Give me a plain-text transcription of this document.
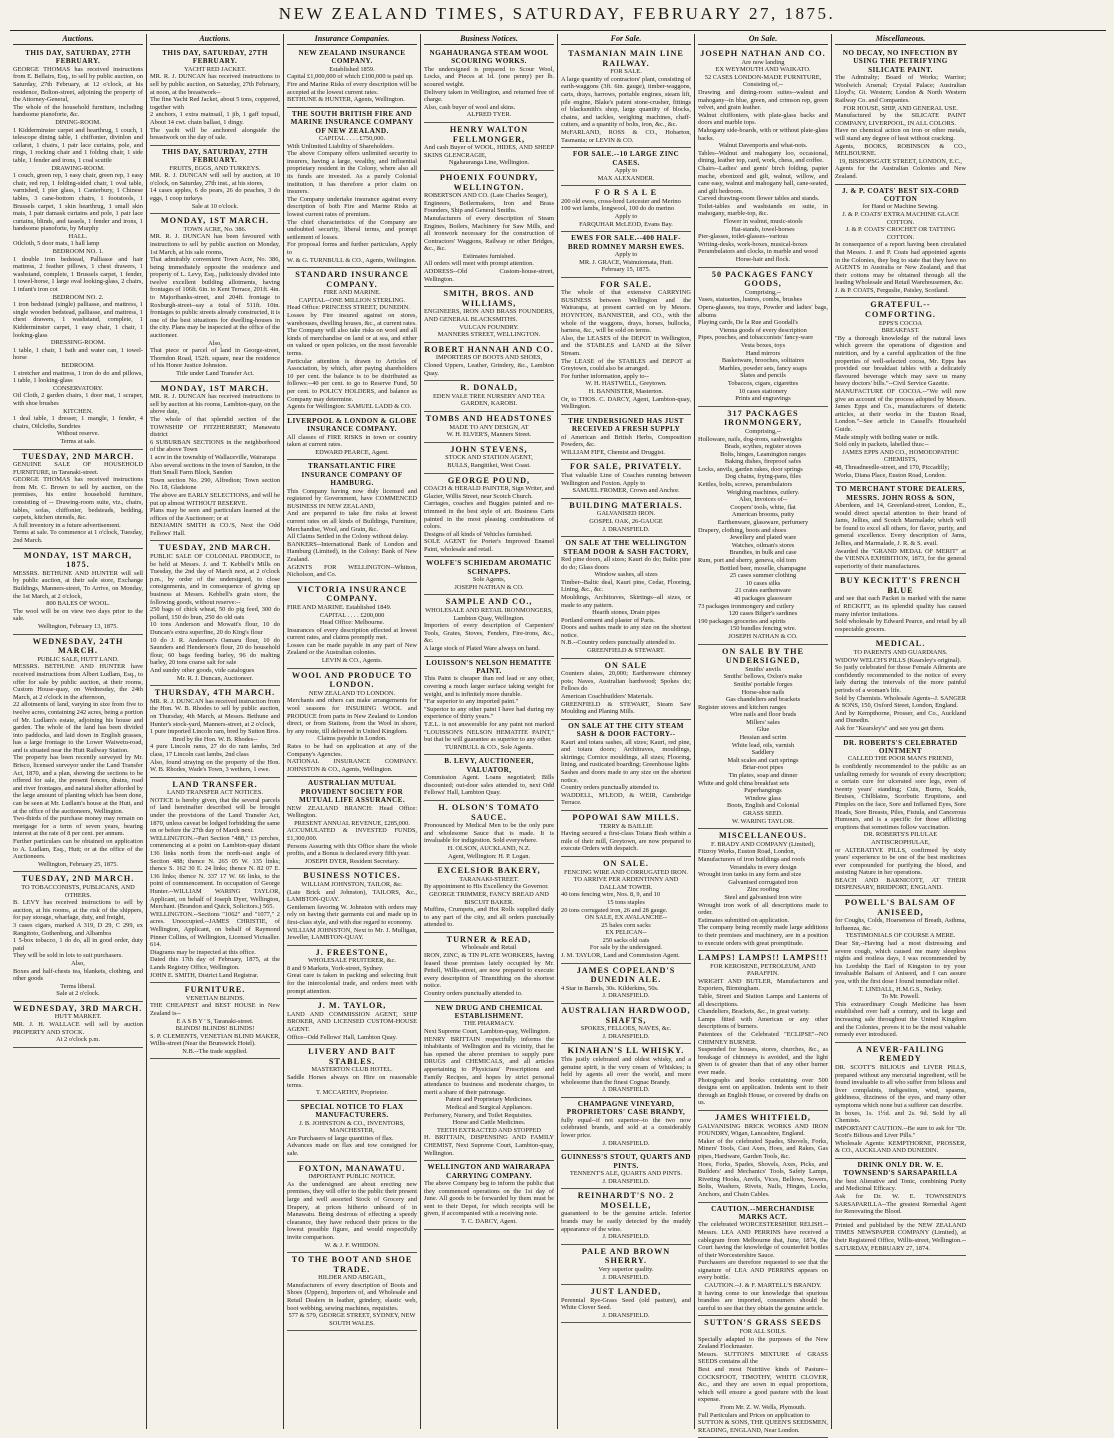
NEW ZEALAND TIMES, SATURDAY, FEBRUARY 27, 1875.
Auctions.
THIS DAY, SATURDAY, 27TH FEBRUARY.
GEORGE THOMAS has received instructions from E. Bellairs, Esq., to sell by public auction, on Saturday, 27th February, at 12 o'clock, at his residence, Bolton-street, adjoining the property of the Attorney-General,
The whole of the household furniture, including handsome pianoforte, &c.
DINING-ROOM.
1 Kidderminster carpet and hearthrug, 1 couch, 1 telescope dining table, 1 chiffonier, divinlon and cellaret, 1 chairs, 1 pair lace curtains, pole, and rings, 1 rocking chair and 1 folding chair, 1 side table, 1 fender and irons, 1 coal scuttle
DRAWING-ROOM.
1 couch, green rep, 1 easy chair, green rep, 1 easy chair, red rep, 1 folding-sided chair, 1 oval table, varnished, 1 pier glass, 1 Canterbury, 1 Chinese tables, 3 cane-bottom chairs, 1 footstools, 1 Brussels carpet, 1 skin hearthrug, 1 small skin mats, 1 pair damask curtains and pole, 1 pair lace curtains, blinds, and tassels, 1 fender and irons, 1 handsome pianoforte, by Murphy
HALL.
Oilcloth, 5 door mats, 1 hall lamp
BEDROOM NO. 1.
1 double iron bedstead, Palliasse and hair mattress, 2 feather pillows, 1 chest drawers, 1 washstand, complete, 1 Brussels carpet, 1 fender, 1 towel-horse, 1 large oval looking-glass, 2 chairs, 1 infant's iron cot
BEDROOM NO. 2.
1 iron bedstead (single) palliasse, and mattress, 1 single wooden bedstead, palliasse, and mattress, 1 chest drawers, 1 washstand, complete, 1 Kidderminster carpet, 1 easy chair, 1 chair, 1 looking-glass
DRESSING-ROOM.
1 table, 1 chair, 1 bath and water can, 1 towel-horse
BEDROOM.
1 stretcher and mattress, 1 iron do do and pillows, 1 table, 1 looking-glass
CONSERVATORY.
Oil Cloth, 2 garden chairs, 1 door mat, 1 scraper, with shoe brushes
KITCHEN.
1 deal table, 1 dresser, 1 mangle, 1 fender, 4 chairs, Oilcloths, Sundries
Without reserve.
Terms at sale.
TUESDAY, 2ND MARCH.
GENUINE SALE OF HOUSEHOLD FURNITURE, in Taranaki-street.
GEORGE THOMAS has received instructions from Mr. C. Brown to sell by auction, on the premises, his entire household furniture, consisting of -- Drawing-room suite, viz., chairs, tables, sofas, chiffonier, bedsteads, bedding, carpets, kitchen utensils, &c.
A full inventory in a future advertisement.
Terms at sale. To commence at 1 o'clock, Tuesday, 2nd March.
MONDAY, 1ST MARCH, 1875.
MESSRS. BETHUNE AND HUNTER will sell by public auction, at their sale store, Exchange Buildings, Manners-street, To Arrive, on Monday, the 1st March, at 2 o'clock,
800 BALES OF WOOL.
The wool will be on view two days prior to the sale.
Wellington, February 13, 1875.
WEDNESDAY, 24TH MARCH.
PUBLIC SALE, HUTT LAND.
MESSRS. BETHUNE AND HUNTER have received instructions from Albert Ludlam, Esq., to offer for sale by public auction, at their rooms, Custom House-quay, on Wednesday, the 24th March, at 2 o'clock in the afternoon,
22 allotments of land, varying in size from five to twelve acres, containing 242 acres, being a portion of Mr. Ludlam's estate, adjoining his house and garden. The whole of the land has been divided into paddocks, and laid down in English grasses, has a large frontage to the Lower Waiwetu-road, and is situated near the Hutt Railway Station.
The property has been recently surveyed by Mr. Brisco, licensed surveyor under the Land Transfer Act, 1870, and a plan, showing the sections to be offered for sale, the present fences, drains, road and river frontages, and natural shelter afforded by the large amount of planting which has been done, can be seen at Mr. Ludlam's house at the Hutt, and at the office of the auctioneers, Wellington.
Two-thirds of the purchase money may remain on mortgage for a term of seven years, bearing interest at the rate of 8 per cent. per annum.
Further particulars can be obtained on application to A. Ludlam, Esq., Hutt; or at the office of the Auctioneers.
Wellington, February 25, 1875.
TUESDAY, 2ND MARCH.
TO TOBACCONISTS, PUBLICANS, AND OTHERS.
B. LEVY has received instructions to sell by auction, at his rooms, at the risk of the shippers, for pay storage, wharfage, duty, and freight,
3 cases cigars, marked A 319, D 29, C 299, ex Rangitoto, Gothenburg, and Albambra
1 5-box tobacco, 1 do do, all in good order, duty paid
They will be sold in lots to suit purchasers.
Also,
Boxes and half-chests tea, blankets, clothing, and other goods
Terms liberal.
Sale at 2 o'clock.
WEDNESDAY, 3RD MARCH.
HUTT MARKET.
MR. J. H. WALLACE will sell by auction PROPERTY AND STOCK.
At 2 o'clock p.m.
Auctions.
THIS DAY, SATURDAY, 27TH FEBRUARY.
YACHT RED JACKET.
MR. R. J. DUNCAN has received instructions to sell by public auction, on Saturday, 27th February, at noon, at the breastwork--
The fine Yacht Red Jacket, about 5 tons, coppered, together with
2 anchors, 1 extra mainsail, 1 jib, 1 gaff topsail, About 14 cwt. chain ballast, 1 dingy.
The yacht will be anchored alongside the breastwork on the day of sale.
THIS DAY, SATURDAY, 27TH FEBRUARY.
FRUITS, EGGS, AND TURKEYS.
MR. R. J. DUNCAN will sell by auction, at 10 o'clock, on Saturday, 27th inst., at his stores,
14 cases apples, 6 do pears, 26 do peaches, 3 do eggs, 1 coop turkeys
Sale at 10 o'clock.
MONDAY, 1ST MARCH.
TOWN ACRE, No. 386.
MR. R. J. DUNCAN has been favoured with instructions to sell by public auction on Monday, 1st March, at his sale rooms,
That admirably convenient Town Acre, No. 386, being immediately opposite the residence and property of L. Levy, Esq., judiciously divided into twelve excellent building allotments, having frontages of 106ft. 6in. to Kent Terrace, 201ft. 4in. to Majoribanks-street, and 204ft. frontage to Roxburgh-street--say a total of 511ft. 10in. frontages to public streets already constructed, it is one of the best situations for dwelling-houses in the city. Plans may be inspected at the office of the auctioneer.
Also,
That piece or parcel of land in George-street, Thorndon Road, 152ft. square, near the residence of his Honor Justice Johnston.
Title under Land Transfer Act.
MONDAY, 1ST MARCH.
MR. R. J. DUNCAN has received instructions to sell by auction at his rooms, Lambton-quay, on the above date,
The whole of that splendid section of the TOWNSHIP OF FITZHERBERT, Manawatu district
6 SUBURBAN SECTIONS in the neighborhood of the above Town
1 acre in the township of Wallaceville, Wairarapa
Also several sections in the town of Sandon, in the Hutt Small Farm Block, Sandon
Town section No. 290, Alfredton; Town section No. 18, Gladstone
The above are EARLY SELECTIONS, and will be put up almost WITHOUT RESERVE.
Plans may be seen and particulars learned at the offices of the Auctioneer; or at
BENJAMIN SMITH & CO.'S, Next the Odd Fellows' Hall.
TUESDAY, 2ND MARCH.
PUBLIC SALE OF COLONIAL PRODUCE, to be held at Messrs. J. and T. Kebbell's Mills on Tuesday, the 2nd day of March next, at 2 o'clock p.m., by order of the undersigned, to close consignments, and in consequence of giving up business at Messrs. Kebbell's grain store, the following goods, without reserve:--
250 bags of chick wheat, 50 do pig feed, 300 do pollard, 150 do bran, 250 do old oats
10 tons Anderson and Mowatt's flour, 10 do Duncan's extra superfine, 20 do King's flour
10 do J. R. Anderson's Oamaru flour, 10 do Saunders and Henderson's flour, 20 do household flour, 60 bags feeding barley, 96 do malting barley, 20 tons coarse salt for sale
And sundry other goods, vide catalogues
Mr. R. J. Duncan, Auctioneer.
THURSDAY, 4TH MARCH.
MR. R. J. DUNCAN has received instruction from the Hon. W. B. Rhodes to sell by public auction, on Thursday, 4th March, at Messrs. Bethune and Hunter's stock-yard, Manners-street, at 2 o'clock,
1 pure imported Lincoln ram, bred by Sutton Bros.
Bred by the Hon. W. B. Rhodes--
4 pure Lincoln rams, 27 do do ram lambs, 3rd class, 17 Lincoln cast lambs, 2nd class
Also, found straying on the property of the Hon. W. B. Rhodes, Wade's Town, 3 wethers, 1 ewe.
LAND TRANSFER.
LAND TRANSFER ACT NOTICES.
NOTICE is hereby given, that the several parcels of land hereinafter described will be brought under the provisions of the Land Transfer Act, 1870, unless caveat be lodged forbidding the same on or before the 27th day of March next.
WELLINGTON.--Part Section "488," 13 perches, commencing at a point on Lambton-quay distant 136 links north from the north-east angle of Section 488; thence N. 265 05 W. 135 links; thence S. 162 30 E. 24 links; thence N. 82 07 E. 136 links; thence N. 337 17 W. 66 links, to the point of commencement. In occupation of George Hunter.--WILLIAM WARING TAYLOR, Applicant, on behalf of Joseph Dyer, Wellington, Merchant. (Brandon and Quick, Solicitors.) 565.
WELLINGTON.--Sections "1062" and "1077," 2 acres. Unoccupied.--JAMES CHRISTIE, of Wellington, Applicant, on behalf of Raymond Pinner Collins, of Wellington, Licensed Victualler. 614.
Diagrams may be inspected at this office.
Dated this 17th day of February, 1875, at the Lands Registry Office, Wellington.
JOHN E. SMITH, District Land Registrar.
FURNITURE.
VENETIAN BLINDS.
THE CHEAPEST and BEST HOUSE in New Zealand is--
E A S B Y ' S, Taranaki-street.
BLINDS! BLINDS! BLINDS!
S. P. CLEMENTS, VENETIAN BLIND MAKER, Willis-street (Near the Brunswick Hotel).
N.B.--The trade supplied.
Insurance Companies.
NEW ZEALAND INSURANCE COMPANY.
Established 1859.
Capital £1,000,000 of which £100,000 is paid up.
Fire and Marine Risks of every description will be accepted at the lowest current rates.
BETHUNE & HUNTER, Agents, Wellington.
THE SOUTH BRITISH FIRE AND MARINE INSURANCE COMPANY OF NEW ZEALAND.
CAPITAL . . . . £750,000.
With Unlimited Liability of Shareholders.
The above Company offers unlimited security to insurers, having a large, wealthy, and influential proprietary resident in the Colony, where also all its funds are invested. As a purely Colonial institution, it has therefore a prior claim on insurers.
The Company undertake insurance against every description of both Fire and Marine Risks at lowest current rates of premium.
The chief characteristics of the Company are undoubted security, liberal terms, and prompt settlement of losses.
For proposal forms and further particulars, Apply to
W. & G. TURNBULL & CO., Agents, Wellington.
STANDARD INSURANCE COMPANY.
FIRE AND MARINE.
CAPITAL--ONE MILLION STERLING.
Head Office: PRINCESS STREET, DUNEDIN.
Losses by Fire insured against on stores, warehouses, dwelling houses, &c., at current rates.
The Company will also take risks on wool and all kinds of merchandise on land or at sea, and either on valued or open policies, on the most favorable terms.
Particular attention is drawn to Articles of Association, by which, after paying shareholders 10 per cent. the balance is to be distributed as follows:--40 per cent. to go to Reserve Fund, 50 per cent. to POLICY HOLDERS, and balance as Company may determine.
Agents for Wellington: SAMUEL LADD & CO.
LIVERPOOL & LONDON & GLOBE INSURANCE COMPANY.
All classes of FIRE RISKS in town or country taken at current rates.
EDWARD PEARCE, Agent.
TRANSATLANTIC FIRE INSURANCE COMPANY OF HAMBURG.
This Company having now duly licensed and registered by Government, have COMMENCED BUSINESS IN NEW ZEALAND,
And are prepared to take fire risks at lowest current rates on all kinds of Buildings, Furniture, Merchandise, Wool, and Grain, &c.
All Claims Settled in the Colony without delay.
BANKERS--International Bank of London and Hamburg (Limited), in the Colony: Bank of New Zealand.
AGENTS FOR WELLINGTON--Whitton, Nicholson, and Co.
VICTORIA INSURANCE COMPANY.
FIRE AND MARINE. Established 1849.
CAPITAL . . . . £200,000
Head Office: Melbourne.
Insurances of every description effected at lowest current rates, and claims promptly met.
Losses can be made payable in any part of New Zealand or the Australian colonies.
LEVIN & CO., Agents.
WOOL AND PRODUCE TO LONDON.
NEW ZEALAND TO LONDON.
Merchants and others can make arrangements for wool seasons for INSURING WOOL and PRODUCE from parts in New Zealand to London direct, or from Stations, from the Wool in shore, by any route, till delivered in United Kingdom.
Claims payable in London.
Rates to be had on application at any of the Company's Agencies.
NATIONAL INSURANCE COMPANY. JOHNSTON & CO., Agents, Wellington.
AUSTRALIAN MUTUAL PROVIDENT SOCIETY FOR MUTUAL LIFE ASSURANCE.
NEW ZEALAND BRANCH: Head Office: Wellington.
PRESENT ANNUAL REVENUE, £285,000.
ACCUMULATED & INVESTED FUNDS, £1,300,000.
Persons Assuring with this Office share the whole profits, and a Bonus is declared every fifth year.
JOSEPH DYER, Resident Secretary.
BUSINESS NOTICES.
WILLIAM JOHNSTON, TAILOR, &c.
(Late Brick and Johnston), TAILORS, &c., LAMBTON-QUAY.
Gentlemen favoring W. Johnston with orders may rely on having their garments cut and made up in first-class style, and with due regard to economy.
WILLIAM JOHNSTON, Next to Mr. J. Mulligan, Jeweller, LAMBTON-QUAY.
J. FREESTONE,
WHOLESALE FRUITERER, &c.
8 and 9 Markets, York-street, Sydney.
Great care is taken in packing and selecting fruit for the intercolonial trade, and orders meet with prompt attention.
J. M. TAYLOR,
LAND AND COMMISSION AGENT, SHIP BROKER, AND LICENSED CUSTOM-HOUSE AGENT.
Office--Odd Fellows' Hall, Lambton Quay.
LIVERY AND BAIT STABLES.
MASTERTON CLUB HOTEL.
Saddle Horses always on Hire on reasonable terms.
T. MCCARTHY, Proprietor.
SPECIAL NOTICE TO FLAX MANUFACTURERS.
J. B. JOHNSTON & CO., INVENTORS, MANCHESTER,
Are Purchasers of large quantities of flax.
Advances made on flax and tow consigned for sale.
FOXTON, MANAWATU.
IMPORTANT PUBLIC NOTICE.
As the undersigned are about erecting new premises, they will offer to the public their present large and well assorted Stock of Grocery and Drapery, at prices hitherto unheard of in Manawatu. Being desirous of effecting a speedy clearance, they have reduced their prices to the lowest possible figure, and would respectfully invite comparison.
W. & J. F. WHIDON.
TO THE BOOT AND SHOE TRADE.
HILDER AND ABIGAIL,
Manufacturers of every description of Boots and Shoes (Uppers), Importers of, and Wholesale and Retail Dealers in leather, grindery, elastic web, boot webbing, sewing machines, requisites.
577 & 579, GEORGE STREET, SYDNEY, NEW SOUTH WALES.
Business Notices.
NGAHAURANGA STEAM WOOL SCOURING WORKS.
The undersigned is prepared to Scour Wool, Locks, and Pieces at 1d. (one penny) per lb. scoured weight.
Delivery taken in Wellington, and returned free of charge.
Also, cash buyer of wool and skins.
ALFRED TYER.
HENRY WALTON FELLMONGER,
And cash Buyer of WOOL, HIDES, AND SHEEP SKINS GLENCRAGIE,
Ngahauranga Line, Wellington.
PHOENIX FOUNDRY, WELLINGTON.
ROBERTSON AND CO. (Late Charles Seager),
Engineers, Boilermakers, Iron and Brass Founders, Ship and General Smiths.
Manufacturers of every description of Steam Engines, Boilers, Machinery for Saw Mills, and all ironwork necessary for the construction of Contractors' Waggons, Railway or other Bridges, &c., &c.
Estimates furnished.
All orders will meet with prompt attention.
ADDRESS--Old Custom-house-street, Wellington.
SMITH, BROS. AND WILLIAMS,
ENGINEERS, IRON AND BRASS FOUNDERS, AND GENERAL BLACKSMITHS.
VULCAN FOUNDRY.
MANNERS STREET, WELLINGTON.
ROBERT HANNAH AND CO.
IMPORTERS OF BOOTS AND SHOES,
Cloned Uppers, Leather, Grindery, &c., Lambton Quay.
R. DONALD,
EDEN VALE TREE NURSERY AND TEA GARDEN, KAROBI.
TOMBS AND HEADSTONES
MADE TO ANY DESIGN, AT
W. H. ELVER'S, Manners Street.
JOHN STEVENS,
STOCK AND STATION AGENT,
BULLS, Rangitikei, West Coast.
GEORGE POUND,
COACH & HERALD PAINTER, Sign Writer, and Glazier, Willis Street, near Scotch Church.
Carriages, coaches and Buggies painted and re-trimmed in the best style of art. Business Carts painted in the most pleasing combinations of colors.
Designs of all kinds of Vehicles furnished.
SOLE AGENT for Porter's Improved Enamel Paint, wholesale and retail.
WOLFE'S SCHIEDAM AROMATIC SCHNAPPS.
Sole Agents,
JOSEPH NATHAN & CO.
SAMPLE AND CO.,
WHOLESALE AND RETAIL IRONMONGERS,
Lambton Quay, Wellington.
Importers of every description of Carpenters' Tools, Grates, Stoves, Fenders, Fire-irons, &c., &c.
A large stock of Plated Ware always on hand.
LOUISSON'S NELSON HEMATITE PAINT.
This Paint is cheaper than red lead or any other, covering a much larger surface taking weight for weight, and is infinitely more durable.
"Far superior to any imported paint."
"Superior to any other paint I have had during my experience of thirty years."
T.E.L. is not answerable for any paint not marked "LOUISSON'S NELSON HEMATITE PAINT," but that he will guarantee as superior to any other.
TURNBULL & CO., Sole Agents.
B. LEVY, AUCTIONEER, VALUATOR,
Commission Agent. Loans negotiated; Bills discounted; out-door sales attended to, next Odd Fellows' Hall, Lambton Quay.
H. OLSON'S TOMATO SAUCE.
Pronounced by Medical Men to be the only pure and wholesome Sauce that is made. It is invaluable for indigestion. Sold everywhere.
H. OLSON, AUCKLAND, N.Z.
Agent, Wellington: H. P. Logan.
EXCELSIOR BAKERY,
TARANAKI-STREET.
By appointment to His Excellency the Governor.
GEORGE TRIMMER, FANCY BREAD AND BISCUIT BAKER.
Muffins, Crumpets, and Hot Rolls supplied daily to any part of the city, and all orders punctually attended to.
TURNER & READ,
Wholesale and Retail
IRON, ZINC, & TIN PLATE WORKERS, having leased those premises lately occupied by Mr. Pettell, Willis-street, are now prepared to execute every description of Tinsmithing on the shortest notice.
Country orders punctually attended to.
NEW DRUG AND CHEMICAL ESTABLISHMENT.
THE PHARMACY.
Next Supreme Court, Lambton-quay, Wellington.
HENRY BRITTAIN respectfully informs the inhabitants of Wellington and its vicinity, that he has opened the above premises to supply pure DRUGS and CHEMICALS, and all articles appertaining to Physicians' Prescriptions and Family Recipes, and hopes by strict personal attendance to business and moderate charges, to merit a share of their patronage.
Patent and Proprietary Medicines.
Medical and Surgical Appliances.
Perfumery, Nursery, and Toilet Requisites.
Horse and Cattle Medicines.
TEETH EXTRACTED AND STOPPED
H. BRITTAIN, DISPENSING AND FAMILY CHEMIST, Next Supreme Court, Lambton-quay, Wellington.
WELLINGTON AND WAIRARAPA CARRYING COMPANY.
The above Company beg to inform the public that they commenced operations on the 1st day of June. All goods to be forwarded by them must be sent to their Depot, for which receipts will be given, if accompanied with a receiving note.
T. C. DARCY, Agent.
For Sale.
TASMANIAN MAIN LINE RAILWAY.
FOR SALE.
A large quantity of contractors' plant, consisting of earth-waggons (3ft. 6in. gauge), timber-waggons, carts, drays, harrows, portable engines, steam lift, pile engine, Blake's patent stone-crusher, fittings of blacksmith's shop, large quantity of blocks, chains, and tackles, weighing machines, chaff-cutters, and a quantity of bolts, iron, &c., &c.
McFARLAND, ROSS & CO., Hobarton, Tasmania; or LEVIN & CO.
FOR SALE.--10 LARGE ZINC CASES.
Apply to
MAX ALEXANDER.
F O R S A L E
200 old ewes, cross-bred Leicester and Merino
100 wet lambs, longwool, 100 do do merino
Apply to
FARQUHAR McLEOD, Evans Bay.
EWES FOR SALE.--400 HALF-BRED ROMNEY MARSH EWES.
Apply to
MR. J. GRACE, Wainuiomata, Hutt.
February 15, 1875.
FOR SALE.
The whole of that extensive CARRYING BUSINESS between Wellington and the Wairarapa, at present carried on by Messrs. HOYNTON, BANNISTER, and CO., with the whole of the waggons, drays, horses, bullocks, harness, &c., will be sold on terms.
Also, the LEASES of the DEPOT in Wellington, and the STABLES and LAND at the Silver Stream.
The LEASE of the STABLES and DEPOT at Greytown, could also be arranged.
For further information, apply to--
W. H. HASTWELL, Greytown.
H. BANNISTER, Masterton.
Or, to THOS. C. DARCY, Agent, Lambton-quay, Wellington.
THE UNDERSIGNED HAS JUST RECEIVED A FRESH SUPPLY
of American and British Herbs, Composition Powders, &c.
WILLIAM FIFE, Chemist and Druggist.
FOR SALE, PRIVATELY.
That valuable Line of Coaches running between Wellington and Foxton. Apply to
SAMUEL FROMER, Crown and Anchor.
BUILDING MATERIALS.
GALVANISED IRON.
GOSPEL OAK, 26-GAUGE
J. DRANSFIELD.
ON SALE AT THE WELLINGTON STEAM DOOR & SASH FACTORY,
Red pine doors, all sizes; Kauri do do; Baltic pine do do; Glass doors
Window sashes, all sizes
Timber--Baltic deal, Kauri pine, Cedar, Flooring, Lining, &c., &c.
Mouldings, Architraves, Skirtings--all sizes, or made to any pattern.
Hearth stones, Drain pipes
Portland cement and plaster of Paris.
Doors and sashes made to any size on the shortest notice.
N.B.--Country orders punctually attended to.
GREENFIELD & STEWART.
ON SALE
Counters slates, 20,000; Earthenware chimney pots; Naves, Australian hardwood; Spokes do; Felloes do
American Coachbuilders' Materials.
GREENFIELD & STEWART, Steam Saw Moulding and Planing Mills.
ON SALE AT THE CITY STEAM SASH & DOOR FACTORY--
Kauri and totara sashes, all sizes; Kauri, red pine, and totara doors; Architraves, mouldings, skirtings; Cornice mouldings, all sizes; Flooring, lining, and rusticated boarding; Greenhouse lights
Sashes and doors made to any size on the shortest notice.
Country orders punctually attended to.
WADDELL, M'LEOD, & WEIR, Cambridge Terrace.
POPOWAI SAW MILLS.
TERRY & BAILLIE
Having secured a first-class Totara Bush within a mile of their mill, Greytown, are now prepared to execute Orders with despatch.
ON SALE.
FENCING WIRE AND CORRUGATED IRON.
TO ARRIVE PER ARDENTINNY AND DALLAM TOWER.
40 tons fencing wire, Nos. 8, 9, and 10
15 tons staples
20 tons corrugated iron, 26 and 28 gauge.
ON SALE, EX AVALANCHE--
25 bales corn sacks
EX PELICAN--
250 sacks old oats
For sale by the undersigned.
J. M. TAYLOR, Land and Commission Agent.
JAMES COPELAND'S DUNEDIN ALE.
4 Star in Barrels, 30s. Kilderkins, 50s.
J. DRANSFIELD.
AUSTRALIAN HARDWOOD, SHAFTS,
SPOKES, FELLOES, NAVES, &c.
J. DRANSFIELD.
KINAHAN'S LL WHISKY.
This justly celebrated and oldest whisky, and a genuine spirit, is the very cream of Whiskies; is held by agents all over the world, and more wholesome than the finest Cognac Brandy.
J. DRANSFIELD.
CHAMPAGNE VINEYARD, PROPRIETORS' CASE BRANDY,
fully equal--if not superior--to the two now celebrated brands, and sold at a considerably lower price.
J. DRANSFIELD.
GUINNESS'S STOUT, QUARTS AND PINTS.
TENNENT'S ALE, QUARTS AND PINTS.
J. DRANSFIELD.
REINHARDT'S NO. 2 MOSELLE,
guaranteed to be the genuine article. Inferior brands may be easily detected by the muddy appearance of the wine.
J. DRANSFIELD.
PALE AND BROWN SHERRY.
Very superior quality.
J. DRANSFIELD.
JUST LANDED,
Perennial Rye-Grass Seed (old pasture), and White Clover Seed.
J. DRANSFIELD.
On Sale.
JOSEPH NATHAN AND CO.
Are now landing
EX WEYMOUTH AND WAIKATO.
52 CASES LONDON-MADE FURNITURE,
Consisting of,--
Drawing and dining-room suites--walnut and mahogany--in blue, green, and crimson rep, green velvet, and grain leather.
Walnut chiffoniers, with plate-glass backs and doors and marble tops.
Mahogany side-boards, with or without plate-glass backs.
Walnut Davenports and what-nots.
Tables--Walnut and mahogany loo, occasional, dining, leather top, card, work, chess, and coffee.
Chairs--Ladies' and gents' birch folding, papier mache, ebonized and gilt, walnut, willow, and cane easy, walnut and mahogany hall, cane-seated, and gilt bedroom.
Carved drawing-room flower tables and stands.
Toilet-tables and washstands en suite, in mahogany, marble-top, &c.
Flower in walnut, music-stools
Hat-stands, towel-horses
Pier-glasses, toilet-glasses--various
Writing-desks, work-boxes, musical-boxes
Perambulators and clocks, in marble and wood
Horse-hair and flock.
50 PACKAGES FANCY GOODS,
Comprising,--
Vases, statuettes, lustres, combs, brushes
Opera-glasses, tea trays, Powder and ladies' bags, albums
Playing cards, De la Rue and Goodall's
Vienna goods of every description
Pipes, pouches, and tobacconists' fancy-ware
Vesta boxes, toys
Hand mirrors
Basketware, brooches, solitaires
Marbles, powder sets, fancy soaps
Slates and pencils
Tobaccos, cigars, cigarettes
10 cases stationery
Prints and engravings
317 PACKAGES IRONMONGERY,
Comprising,--
Holloware, nails, dog-irons, sashweights
Brads, scythes, register stoves
Bolts, hinges, Leamington ranges
Baking dishes, fireproof safes
Locks, anvils, garden rakes, door springs
Dog chains, frying-pans, files
Kettles, bolts, screws, perambulators
Weighing machines, cutlery.
Also, Invoices of--
Coopers' tools, white, flat
American brooms, putty
Earthenware, glassware, perfumery
Drapery, clothing, boots and shoes
Jewellery and plated ware
Watches, oilman's stores
Brandies, in bulk and case
Rum, port and sherry, geneva, old tom
Bottled beer, moselle, champagne
25 cases summer clothing
10 cases silks
21 crates earthenware
40 packages glassware
73 packages ironmongery and cutlery
120 cases Bilger's sardines
190 packages groceries and spirits
150 bundles fencing wire.
JOSEPH NATHAN & CO.
ON SALE BY THE UNDERSIGNED,
Smiths' anvils
Smiths' bellows, Oxlon's make
Smiths' portable forges
Horse-shoe nails
Gas chandeliers and brackets
Register stoves and kitchen ranges
Wire nails and floor brads
Millers' sales
Glue
Hessian and scrim
White lead, oils, varnish
Saddlery
Malt scales and cart springs
Briar-root pipes
Tin plates, soap and dinner
White and gold china breakfast sets
Paperhangings
Window glass
Boots, English and Colonial
GRASS SEED.
W. WARING TAYLOR.
MISCELLANEOUS.
F. BRADY AND COMPANY (Limited),
Fitzroy Works, Euston Road, London,
Manufacturers of iron buildings and roofs
Verandahs in every design
Wrought iron tanks in any form and size
Galvanised corrugated iron
Zinc roofing
Steel and galvanised iron wire
Wrought iron work of all descriptions made to order.
Estimates submitted on application.
The company being recently made large additions to their premises and machinery, are in a position to execute orders with great promptitude.
LAMPS! LAMPS!! LAMPS!!!
FOR KEROSENE, PETROLEUM, AND PARAFFIN.
WRIGHT AND BUTLER, Manufacturers and Exporters, Birmingham.
Table, Street and Station Lamps and Lanterns of all descriptions.
Chandeliers, Brackets, &c., in great variety.
Lamps fitted with American or any other descriptions of burners.
Patentees of the Celebrated "ECLIPSE"--NO CHIMNEY BURNER.
Suspended for houses, stores, churches, &c., as breakage of chimneys is avoided, and the light given is of greater than that of any other burner ever made.
Photographs and books containing over 500 designs sent on application. Indents sent to their through an English House, or covered by drafts on us.
JAMES WHITFIELD,
GALVANISING BRICK WORKS AND IRON FOUNDRY, Wigan, Lancashire, England.
Maker of the celebrated Spades, Shovels, Forks, Miners' Tools, Cast Axes, Hoes, and Rakes, Gas pipes, Hardware, Garden Tools, &c.
Hoes, Forks, Spades, Shovels, Axes, Picks, and Builders' and Mechanics' Tools, Safety Lamps, Riveting Hooks, Anvils, Vices, Bellows, Sowers, Bolts, Washers, Rivets, Nails, Hinges, Locks, Anchors, and Chain Cables.
CAUTION.--MERCHANDISE MARKS ACT.
The celebrated WORCESTERSHIRE RELISH.--Messrs. LEA AND PERRINS have received a cablegram from Melbourne that, June, 1874, the Court having the knowledge of counterfeit bottles of their Worcestershire Sauce.
Purchasers are therefore requested to see that the signature of LEA AND PERRINS appears on every bottle.
CAUTION.--J. & F. MARTELL'S BRANDY.
It having come to our knowledge that spurious brandies are imported, consumers should be careful to see that they obtain the genuine article.
SUTTON'S GRASS SEEDS
FOR ALL SOILS.
Specially adapted to the purposes of the New Zealand Flockmaster.
Messrs. SUTTON'S MIXTURE of GRASS SEEDS contains all the
Best and most Nutritive kinds of Pasture--COCKSFOOT, TIMOTHY, WHITE CLOVER, &c., and they are sown in equal proportions, which will ensure a good pasture with the least expense.
From Mr. Z. W. Wells, Plymouth.
Full Particulars and Prices on application to
SUTTON & SONS, THE QUEEN'S SEEDSMEN, READING, ENGLAND, Near London.
Miscellaneous.
NO DECAY, NO INFECTION BY USING THE PETRIFYING SILICATE PAINT.
The Admiralty; Board of Works; Warrior; Woolwich Arsenal; Crystal Palace; Australian Lloyd's; Gt. Western; London & North Western Railway Co. and Companies.
FOR HOUSE, SHIP, AND GENERAL USE.
Manufactured by the SILICATE PAINT COMPANY, LIVERPOOL, IN ALL COLORS.
Have no chemical action on iron or other metals, will stand any degree of heat without cracking.
Agents, BOOKS, ROBINSON & CO., MELBOURNE.
19, BISHOPSGATE STREET, LONDON, E.C.,
Agents for the Australian Colonies and New Zealand.
J. & P. COATS' BEST SIX-CORD COTTON
for Hand or Machine Sewing.
J. & P. COATS' EXTRA MACHINE GLACE COTTON.
J. & P. COATS' CROCHET OR TATTING COTTON.
In consequence of a report having been circulated that Messrs. J. and P. Coats had appointed agents in the Colonies, they beg to state that they have no AGENTS in Australia or New Zealand, and that their cottons may be obtained through all the leading Wholesale and Retail Warehousemen, &c.
J. & P. COATS, Ferguslie, Paisley, Scotland.
GRATEFUL--COMFORTING.
EPPS'S COCOA
BREAKFAST.
"By a thorough knowledge of the natural laws which govern the operations of digestion and nutrition, and by a careful application of the fine properties of well-selected cocoa, Mr. Epps has provided our breakfast tables with a delicately flavoured beverage which may save us many heavy doctors' bills."--Civil Service Gazette.
MANUFACTURE OF COCOA.--"We will now give an account of the process adopted by Messrs. James Epps and Co., manufacturers of dietetic articles, at their works in the Euston Road, London."--See article in Cassell's Household Guide.
Made simply with boiling water or milk.
Sold only in packets, labelled thus:--
JAMES EPPS AND CO., HOMOEOPATHIC CHEMISTS,
48, Threadneedle-street, and 170, Piccadilly;
Works, Diana Place, Euston Road, London.
TO MERCHANT STORE DEALERS, MESSRS. JOHN ROSS & SON,
Aberdeen, and 14, Greenland-street, London, E., would direct special attention to their brand of Jams, Jellies, and Scotch Marmalade; which will be found to excel all others, for flavor, purity, and general excellence. Every description of Jams, Jellies, and Marmalade, J. R. & S. avail.
Awarded the "GRAND MEDAL OF MERIT" at the VIENNA EXHIBITION, 1873, for the general superiority of their manufactures.
BUY KECKITT'S FRENCH BLUE
and see that each Packet is marked with the name of RECKITT, as its splendid quality has caused many inferior imitations.
Sold wholesale by Edward Pearce, and retail by all respectable grocers.
MEDICAL.
TO PARENTS AND GUARDIANS.
WIDOW WELCH'S PILLS (Kearsley's original).
So justly celebrated for those Female Ailments are confidently recommended to the notice of every lady during the intervals of the more painful periods of a woman's life.
Sold by Chemists. Wholesale Agents--J. SANGER & SONS, 150, Oxford Street, London, England.
And by Kempthorne, Prosser, and Co., Auckland and Dunedin.
Ask for "Kearsley's" and see you get them.
DR. ROBERTS'S CELEBRATED OINTMENT
CALLED THE POOR MAN'S FRIEND,
Is confidently recommended to the public as an unfailing remedy for wounds of every description; a certain cure for ulcerated sore legs, even of twenty years' standing; Cuts, Burns, Scalds, Bruises, Chilblains, Scorbutic Eruptions, and Pimples on the face, Sore and Inflamed Eyes, Sore Heads, Sore Breasts, Piles, Fistula, and Cancerous Humours, and is a specific for those afflicting eruptions that sometimes follow vaccination.
DR. ROBERTS'S PILULAE ANTISCROPHULAE,
or ALTERATIVE PILLS, confirmed by sixty years' experience to be one of the best medicines ever compounded for purifying the blood, and assisting Nature in her operations.
BEACH AND BARNICOTT, AT THEIR DISPENSARY, BRIDPORT, ENGLAND.
POWELL'S BALSAM OF ANISEED,
for Coughs, Colds, Hoarseness of Breath, Asthma, Influenza, &c.
TESTIMONIALS OF COURSE A MERE.
Dear Sir,--Having had a most distressing and severe cough, which caused me many sleepless nights and restless days, I was recommended by his Lordship the Earl of Kingston to try your invaluable Balsam of Aniseed, and I can assure you, with the first dose I found immediate relief.
T. LINDALL, H.M.G.S., Netley.
To Mr. Powell.
This extraordinary Cough Medicine has been established over half a century, and its large and increasing sale throughout the United Kingdom and the Colonies, proves it to be the most valuable remedy ever introduced.
A NEVER-FAILING REMEDY
DR. SCOTT'S BILIOUS and LIVER PILLS, prepared without any mercurial ingredient, will be found invaluable to all who suffer from bilious and liver complaints, indigestion, wind, spasms, giddiness, dizziness of the eyes, and many other symptoms which none but a sufferer can describe.
In boxes, 1s. 1½d. and 2s. 9d. Sold by all Chemists.
IMPORTANT CAUTION.--Be sure to ask for "Dr. Scott's Bilious and Liver Pills."
Wholesale Agents: KEMPTHORNE, PROSSER, & CO., AUCKLAND AND DUNEDIN.
DRINK ONLY DR. W. E. TOWNSEND'S SARSAPARILLA
the best Alterative and Tonic, combining Purity and Medicinal Efficacy.
Ask for Dr. W. E. TOWNSEND'S SARSAPARILLA--The greatest Remedial Agent for Renovating the Blood.
Printed and published by the NEW ZEALAND TIMES NEWSPAPER COMPANY (Limited), at their Registered Office, Willis-street, Wellington.--SATURDAY, FEBRUARY 27, 1874.
